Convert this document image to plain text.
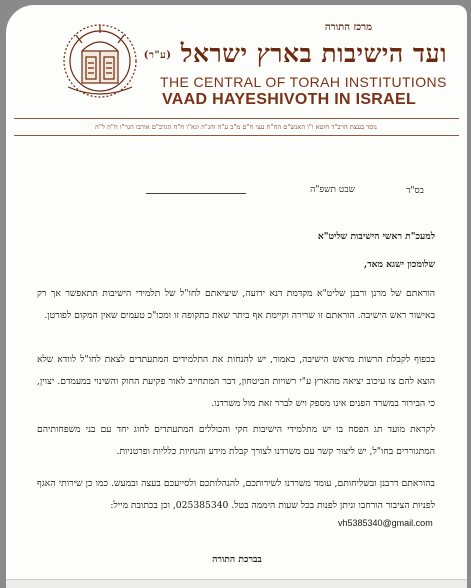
מרכז התורה
ועד הישיבות בארץ ישראל (ע"ר)
THE CENTRAL OF TORAH INSTITUTIONS
VAAD HAYESHIVOTH IN ISRAEL
נוסד בעצת הרב"ד חוטא ו"ו האנש"ם הח"ח עצי ח"ם מ"ב ע"ה והג"ה וגא"ו ח"ח הגרב"ם אורבו הגר"ו ח"ה ל"ה
בס"ד
שבט תשפ"ה
למעכ"ת ראשי הישיבות שליט"א
שלומכון ישגא מאד,
הוראתם של מרנן ורבנן שליט"א מקדמת דנא ידועה, שיציאתם לחו"ל של תלמידי הישיבות תתאפשר אך רק באישור ראש הישיבה. הוראתם זו שרירה וקיימת אף ביתר שאת בתקופה זו ומכו"כ טעמים שאין המקום לפורטן.
בכפוף לקבלת הרשות מראש הישיבה, כאמור, יש להנחות את התלמידים המתעתדים לצאת לחו"ל לוודא שלא הוצא להם צו עיכוב יציאה מהארץ ע"י רשויות הביטחון, דבר המתחייב לאור פקיעת החוק והשינוי במעמדם. יצוין, כי הבירור במשרד הפנים אינו מספק ויש לברר זאת מול משרדנו.
לקראת מועד תג הפסח בו יש מתלמידי הישיבות חקי והכוללים המתעתדים לחוג יחד עם בני משפחותיהם המתגוררים בחו"ל, יש ליצור קשר עם משרדנו לצורך קבלת מידע והנחיות כלליות ופרטניות.
בהוראתם דרבנן ובשליחותם, עומד משרדנו לשירותכם, להנהלותכם ולסייעכם בעצה ובמעש. כמו כן שירותי האגף לפניות הציבור הורחבו וניתן לפנות בכל שעות היממה בטל. 025385340, וכן בכתובת מייל:
vh5385340@gmail.com
בברכת התורה
